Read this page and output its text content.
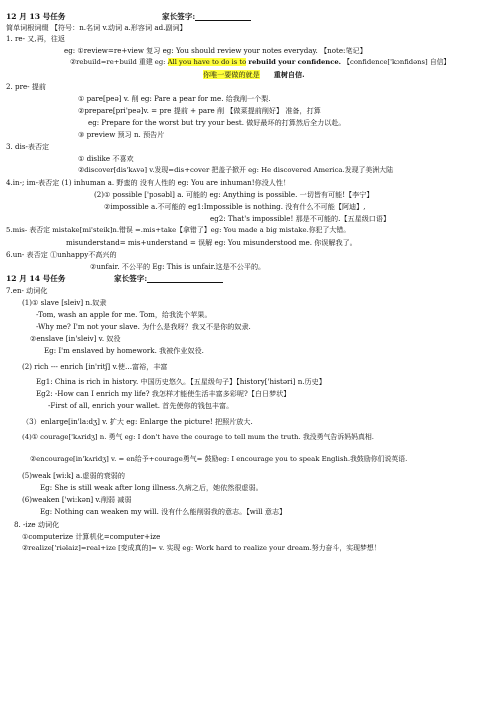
12 月 13 号任务	家长签字:
简单词根词缀 【符号：n.名词 v.动词 a.形容词 ad.副词】
1. re- 又,再，往返
eg: ①review=re+view 复习 eg: You should review your notes everyday. 【note:笔记】
②rebuild=re+build 重建 eg: All you have to do is to rebuild your confidence. 【confidence['kɔnfidəns] 自信】
你唯一要做的就是 重树自信.
2. pre- 提前
① pare[peə] v. 削 eg: Pare a pear for me. 给我削一个梨.
②prepare[pri'peə]v. = pre 提前 + pare 削 【做菜提前削好】 准备，打算
eg: Prepare for the worst but try your best. 做好最坏的打算然后全力以赴。
③ preview 预习 n. 预告片
3. dis-表否定
① dislike 不喜欢
②discover[dis'kʌvə] v.发现=dis+cover 把盖子掀开 eg: He discovered America.发现了美洲大陆
4.in-; im-表否定 (1) inhuman a. 野蛮的 没有人性的 eg: You are inhuman!你没人性！
(2)① possible ['pɔsəbl] a. 可能的 eg: Anything is possible. 一切皆有可能!【李宁】
②impossible a.不可能的 eg1:Impossible is nothing. 没有什么不可能【阿迪】,
eg2: That's impossible! 那是不可能的.【五星级口语】
5.mis- 表否定 mistake[mi'steik]n.错误 =.mis+take【拿错了】eg: You made a big mistake.你犯了大错。
misunderstand= mis+understand = 误解 eg: You misunderstood me. 你误解我了。
6.un- 表否定 ①unhappy不高兴的
②unfair. 不公平的 Eg: This is unfair.这是不公平的。
12 月 14 号任务	家长签字:
7.en- 动词化
(1)① slave [sleiv] n.奴隶
-Tom, wash an apple for me. Tom，给我洗个苹果。
-Why me? I'm not your slave. 为什么是我呀？我又不是你的奴隶.
②enslave [in'sleiv] v. 奴役
Eg: I'm enslaved by homework. 我被作业奴役.
(2) rich --- enrich [in'ritʃ] v.使…富裕，丰富
Eg1: China is rich in history. 中国历史悠久。【五星级句子】【history['histəri] n.历史】
Eg2: -How can I enrich my life? 我怎样才能使生活丰富多彩呢?【白日梦状】
-First of all, enrich your wallet. 首先使你的钱包丰富。
（3）enlarge[in'la:dʒ] v. 扩大 eg: Enlarge the picture! 把照片放大.
(4)① courage['kʌridʒ] n. 勇气 eg: I don't have the courage to tell mum the truth. 我没勇气告诉妈妈真相.
②encourage[in'kʌridʒ] v. = en给予+courage勇气= 鼓励eg: I encourage you to speak English.我鼓励你们说英语.
(5)weak [wi:k] a.虚弱的衰弱的
Eg: She is still weak after long illness.久病之后，她依然很虚弱。
(6)weaken ['wi:kən] v.削弱 减弱
Eg: Nothing can weaken my will. 没有什么能削弱我的意志。【will 意志】
8. -ize 动词化
①computerize 计算机化=computer+ize
②realize['riəlaiz]=real+ize [变成真的]= v. 实现 eg: Work hard to realize your dream.努力奋斗，实现梦想！
